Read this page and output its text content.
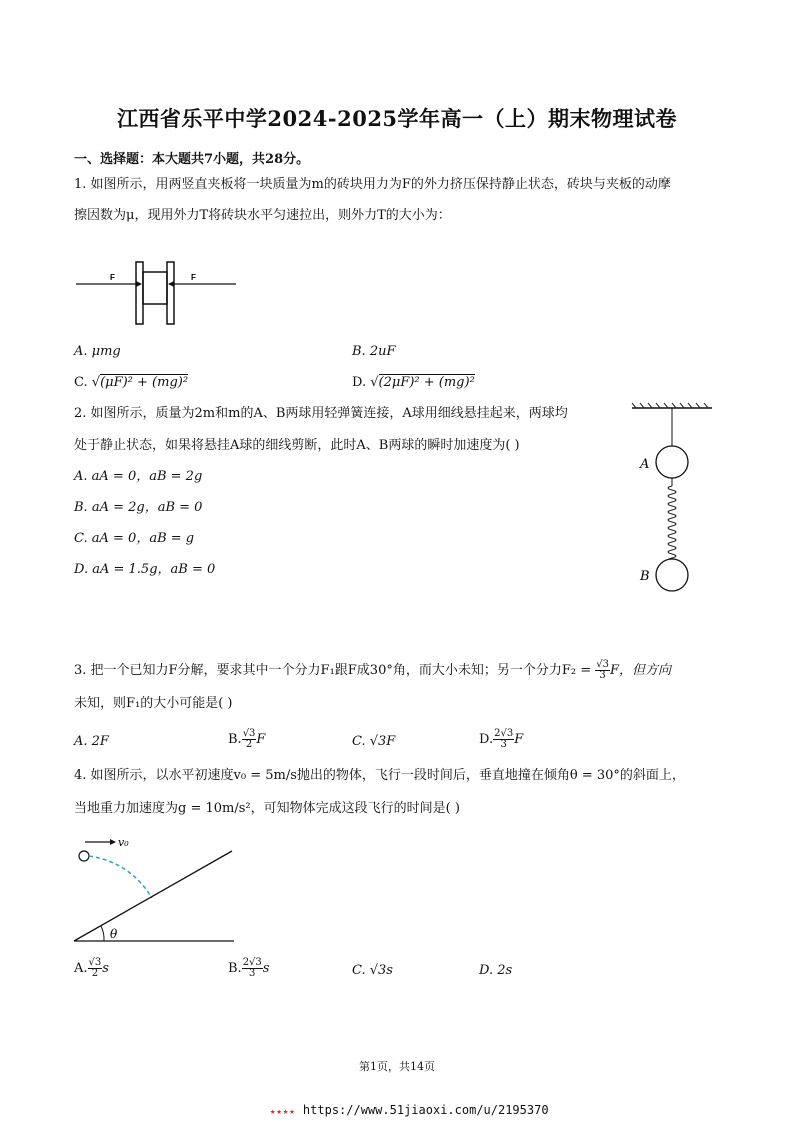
江西省乐平中学2024-2025学年高一（上）期末物理试卷
一、选择题：本大题共7小题，共28分。
1. 如图所示，用两竖直夹板将一块质量为m的砖块用力为F的外力挤压保持静止状态，砖块与夹板的动摩
擦因数为μ，现用外力T将砖块水平匀速拉出，则外力T的大小为：
F	F
A. μmg	B. 2uF
C. √(μF)² + (mg)²	D. √(2μF)² + (mg)²
2. 如图所示，质量为2m和m的A、B两球用轻弹簧连接，A球用细线悬挂起来，两球均
处于静止状态，如果将悬挂A球的细线剪断，此时A、B两球的瞬时加速度为( )
A. aA = 0，aB = 2g
B. aA = 2g，aB = 0
C. aA = 0，aB = g
D. aA = 1.5g，aB = 0
A
B
3. 把一个已知力F分解，要求其中一个分力F₁跟F成30°角，而大小未知；另一个分力$F_2 = \frac{√3}{3}$ F，但方向
未知，则F₁的大小可能是( )
A. 2F	B. $\frac{√3}{2}$ F	C. √3F	D. $\frac{2√3}{3}$ F
4. 如图所示，以水平初速度v₀ = 5m/s抛出的物体，飞行一段时间后，垂直地撞在倾角θ = 30°的斜面上，
当地重力加速度为g = 10m/s²，可知物体完成这段飞行的时间是( )
v₀
θ
A. $\frac{√3}{2}$ s	B. $\frac{2√3}{3}$ s	C. √3s	D. 2s
第1页，共14页
★★★★ https://www.51jiaoxi.com/u/2195370
